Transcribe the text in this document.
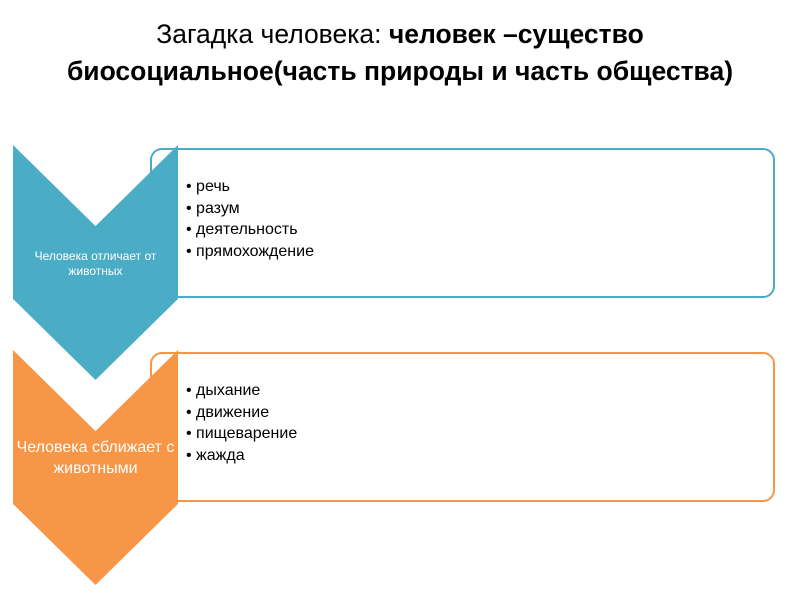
Загадка человека: человек –существо биосоциальное(часть природы и часть общества)
• речь
• разум
• деятельность
• прямохождение
Человека отличает от животных
• дыхание
• движение
• пищеварение
• жажда
Человека сближает с животными
